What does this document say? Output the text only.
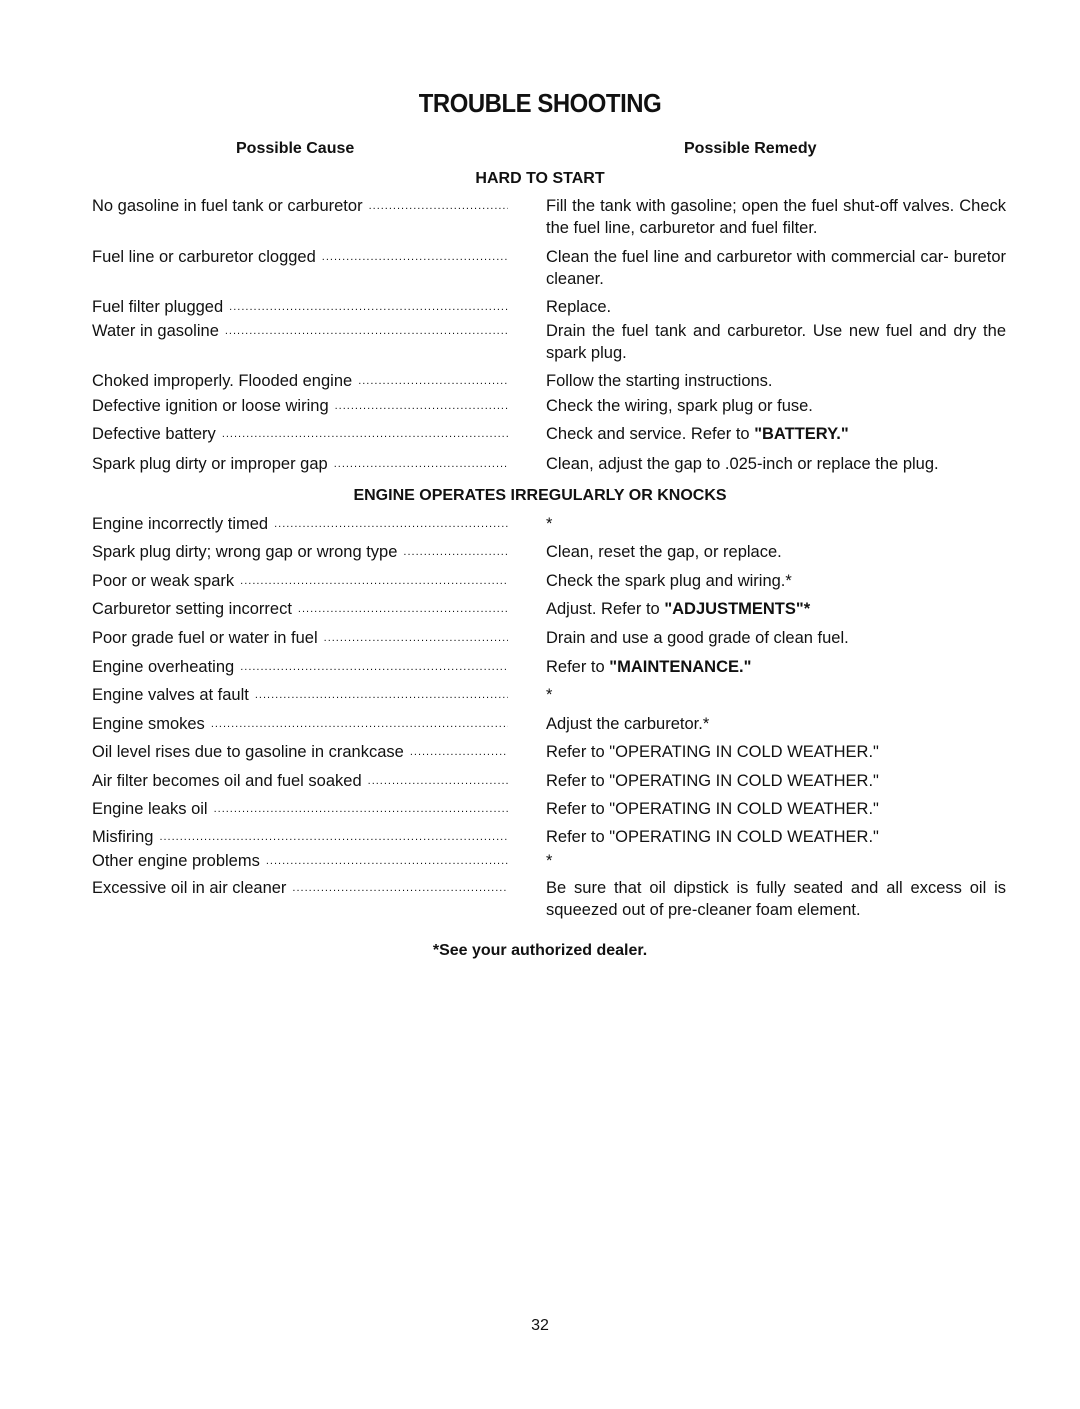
TROUBLE SHOOTING
Possible Cause	Possible Remedy
HARD TO START
No gasoline in fuel tank or carburetor .....	Fill the tank with gasoline; open the fuel shut-off valves. Check the fuel line, carburetor and fuel filter.
Fuel line or carburetor clogged .....	Clean the fuel line and carburetor with commercial car- buretor cleaner.
Fuel filter plugged .....	Replace.
Water in gasoline .....	Drain the fuel tank and carburetor. Use new fuel and dry the spark plug.
Choked improperly. Flooded engine .....	Follow the starting instructions.
Defective ignition or loose wiring .....	Check the wiring, spark plug or fuse.
Defective battery .....	Check and service. Refer to "BATTERY."
Spark plug dirty or improper gap .....	Clean, adjust the gap to .025-inch or replace the plug.
ENGINE OPERATES IRREGULARLY OR KNOCKS
Engine incorrectly timed .....	*
Spark plug dirty; wrong gap or wrong type .....	Clean, reset the gap, or replace.
Poor or weak spark .....	Check the spark plug and wiring.*
Carburetor setting incorrect .....	Adjust. Refer to "ADJUSTMENTS"*
Poor grade fuel or water in fuel .....	Drain and use a good grade of clean fuel.
Engine overheating .....	Refer to "MAINTENANCE."
Engine valves at fault .....	*
Engine smokes .....	Adjust the carburetor.*
Oil level rises due to gasoline in crankcase .....	Refer to "OPERATING IN COLD WEATHER."
Air filter becomes oil and fuel soaked .....	Refer to "OPERATING IN COLD WEATHER."
Engine leaks oil .....	Refer to "OPERATING IN COLD WEATHER."
Misfiring .....	Refer to "OPERATING IN COLD WEATHER."
Other engine problems .....	*
Excessive oil in air cleaner .....	Be sure that oil dipstick is fully seated and all excess oil is squeezed out of pre-cleaner foam element.
*See your authorized dealer.
32
